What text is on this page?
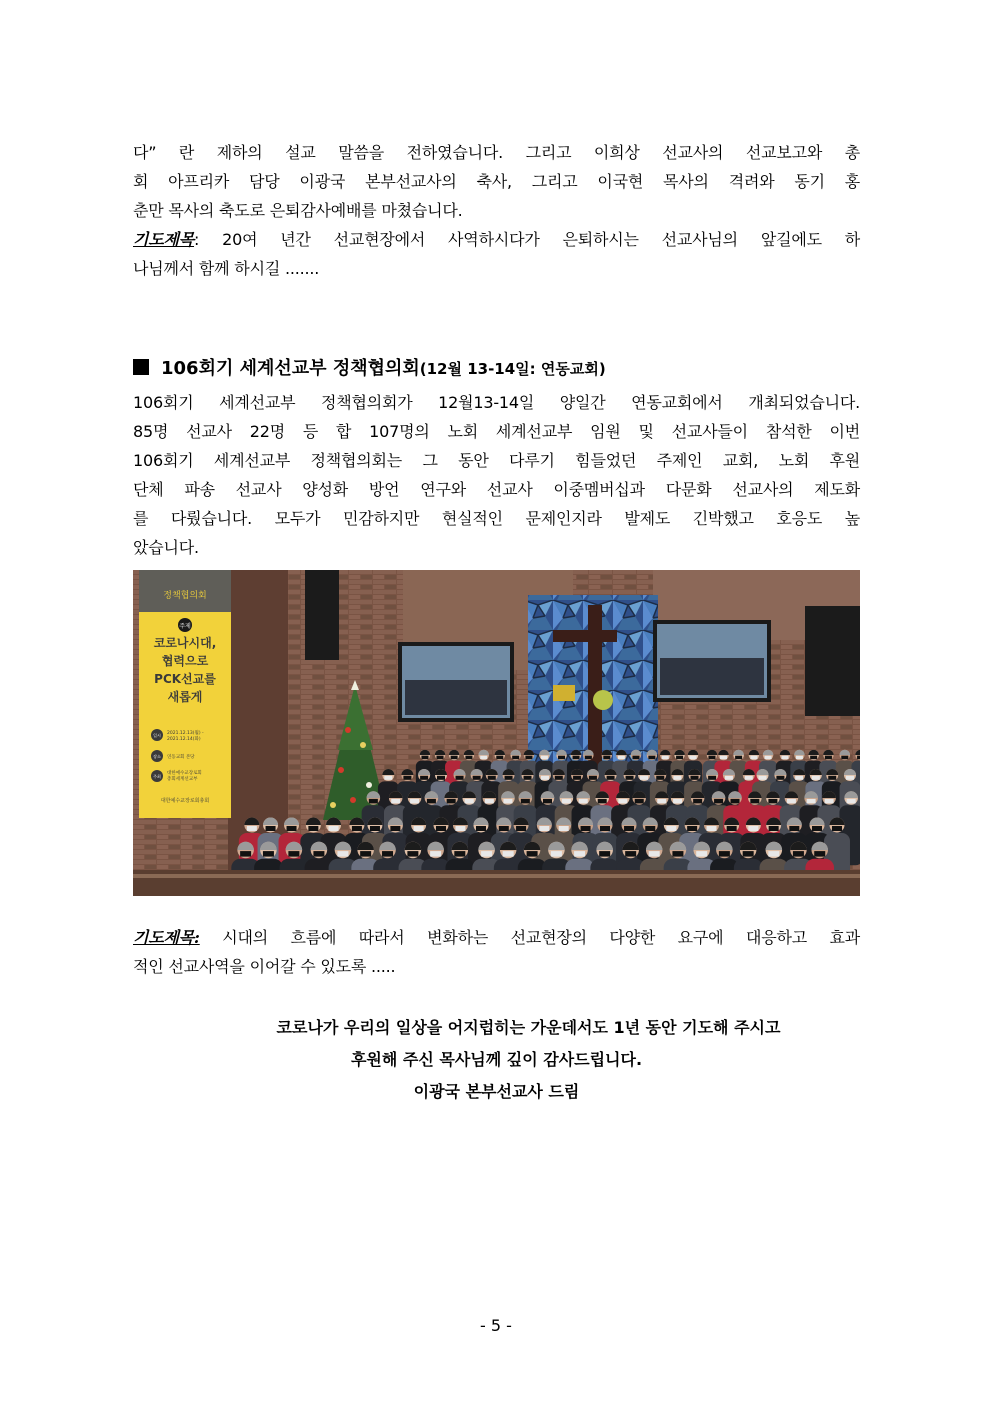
다” 란 제하의 설교 말씀을 전하였습니다. 그리고 이희상 선교사의 선교보고와 총
회 아프리카 담당 이광국 본부선교사의 축사, 그리고 이국현 목사의 격려와 동기 홍
춘만 목사의 축도로 은퇴감사예배를 마쳤습니다.
기도제목: 20여 년간 선교현장에서 사역하시다가 은퇴하시는 선교사님의 앞길에도 하
나님께서 함께 하시길 .......
106회기 세계선교부 정책협의회(12월 13-14일: 연동교회)
106회기 세계선교부 정책협의회가 12월13-14일 양일간 연동교회에서 개최되었습니다.
85명 선교사 22명 등 합 107명의 노회 세계선교부 임원 및 선교사들이 참석한 이번
106회기 세계선교부 정책협의회는 그 동안 다루기 힘들었던 주제인 교회, 노회 후원
단체 파송 선교사 양성화 방언 연구와 선교사 이중멤버십과 다문화 선교사의 제도화
를 다뤘습니다. 모두가 민감하지만 현실적인 문제인지라 발제도 긴박했고 호응도 높
았습니다.
정책협의회
주제
코로나시대,
협력으로
PCK선교를
새롭게
일시 2021.12.13(월) -
2021.12.14(화)
장소 연동교회 본당
주최
대한예수교장로회
총회세계선교부
대한예수교장로회총회
기도제목: 시대의 흐름에 따라서 변화하는 선교현장의 다양한 요구에 대응하고 효과
적인 선교사역을 이어갈 수 있도록 .....
코로나가 우리의 일상을 어지럽히는 가운데서도 1년 동안 기도해 주시고
후원해 주신 목사님께 깊이 감사드립니다.
이광국 본부선교사 드림
- 5 -
